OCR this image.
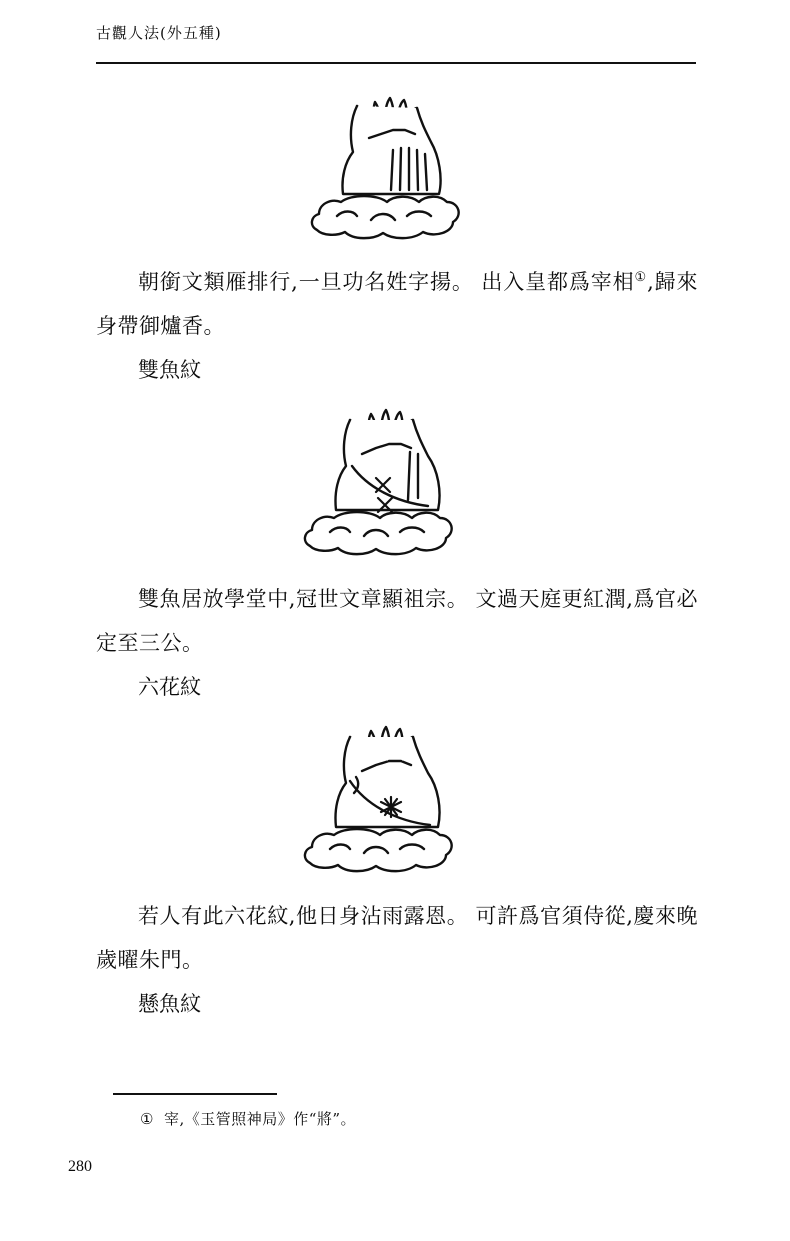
古觀人法(外五種)

朝銜文類雁排行,一旦功名姓字揚。 出入皇都爲宰相①,歸來身帶御爐香。

雙魚紋

雙魚居放學堂中,冠世文章顯祖宗。 文過天庭更紅潤,爲官必定至三公。

六花紋

若人有此六花紋,他日身沾雨露恩。 可許爲官須侍從,慶來晚歲曜朱門。

懸魚紋

① 宰,《玉管照神局》作“將”。
280
